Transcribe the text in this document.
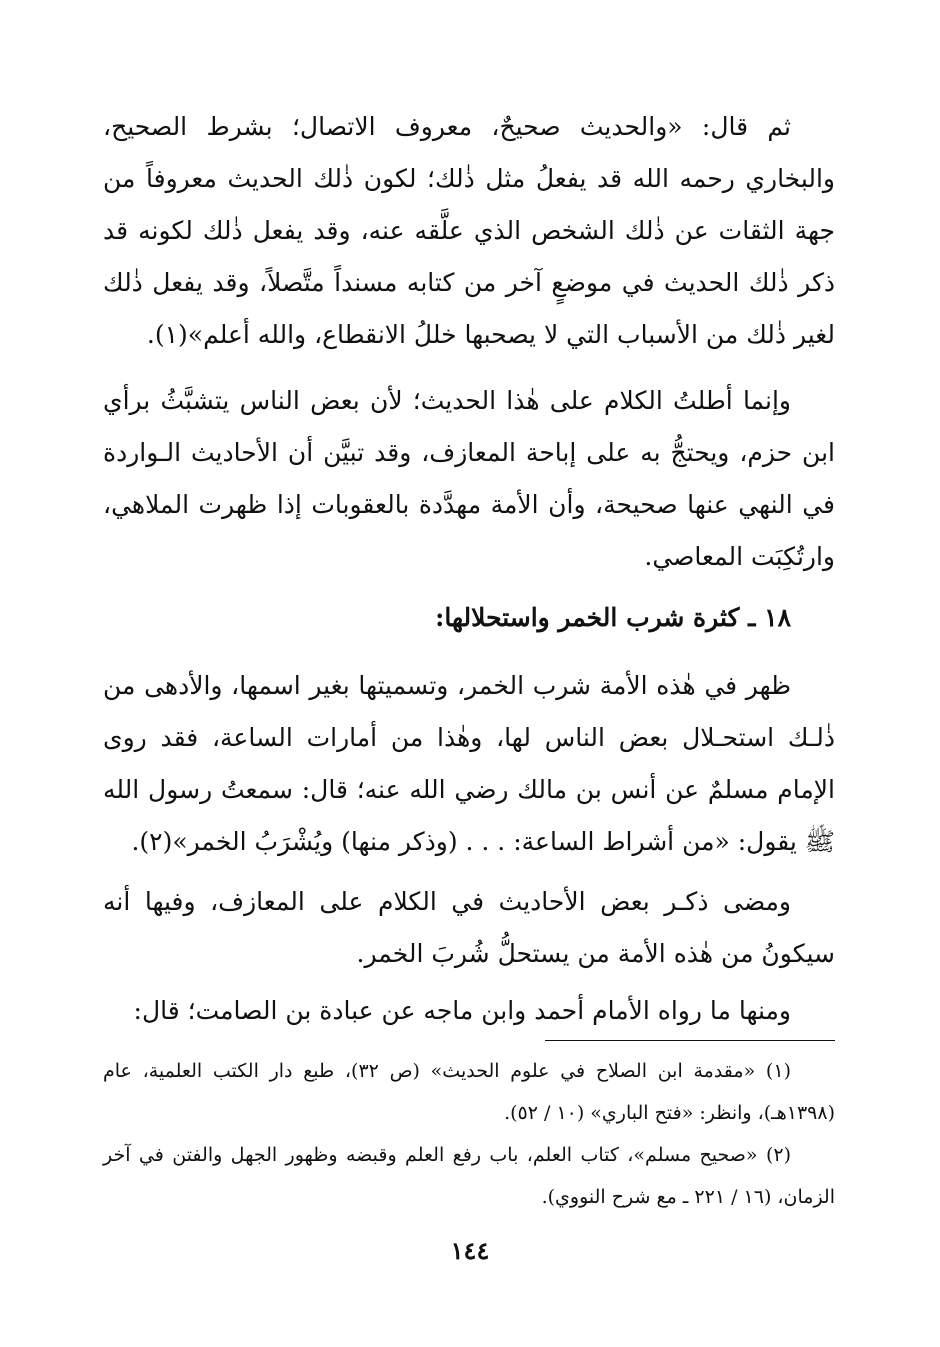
ثم قال: «والحديث صحيحٌ، معروف الاتصال؛ بشرط الصحيح، والبخاري رحمه الله قد يفعلُ مثل ذٰلك؛ لكون ذٰلك الحديث معروفاً من جهة الثقات عن ذٰلك الشخص الذي علَّقه عنه، وقد يفعل ذٰلك لكونه قد ذكر ذٰلك الحديث في موضعٍ آخر من كتابه مسنداً متَّصلاً، وقد يفعل ذٰلك لغير ذٰلك من الأسباب التي لا يصحبها خللُ الانقطاع، والله أعلم»(١).

وإنما أطلتُ الكلام على هٰذا الحديث؛ لأن بعض الناس يتشبَّثُ برأي ابن حزم، ويحتجُّ به على إباحة المعازف، وقد تبيَّن أن الأحاديث الـواردة في النهي عنها صحيحة، وأن الأمة مهدَّدة بالعقوبات إذا ظهرت الملاهي، وارتُكِبَت المعاصي.

١٨ ـ كثرة شرب الخمر واستحلالها:

ظهر في هٰذه الأمة شرب الخمر، وتسميتها بغير اسمها، والأدهى من ذٰلـك استحـلال بعض الناس لها، وهٰذا من أمارات الساعة، فقد روى الإمام مسلمٌ عن أنس بن مالك رضي الله عنه؛ قال: سمعتُ رسول الله ﷺ يقول: «من أشراط الساعة: . . . (وذكر منها) ويُشْرَبُ الخمر»(٢).

ومضى ذكـر بعض الأحاديث في الكلام على المعازف، وفيها أنه سيكونُ من هٰذه الأمة من يستحلُّ شُربَ الخمر.

ومنها ما رواه الأمام أحمد وابن ماجه عن عبادة بن الصامت؛ قال:

(١) «مقدمة ابن الصلاح في علوم الحديث» (ص ٣٢)، طبع دار الكتب العلمية، عام (١٣٩٨هـ)، وانظر: «فتح الباري» (١٠ / ٥٢).

(٢) «صحيح مسلم»، كتاب العلم، باب رفع العلم وقبضه وظهور الجهل والفتن في آخر الزمان، (١٦ / ٢٢١ ـ مع شرح النووي).

١٤٤
